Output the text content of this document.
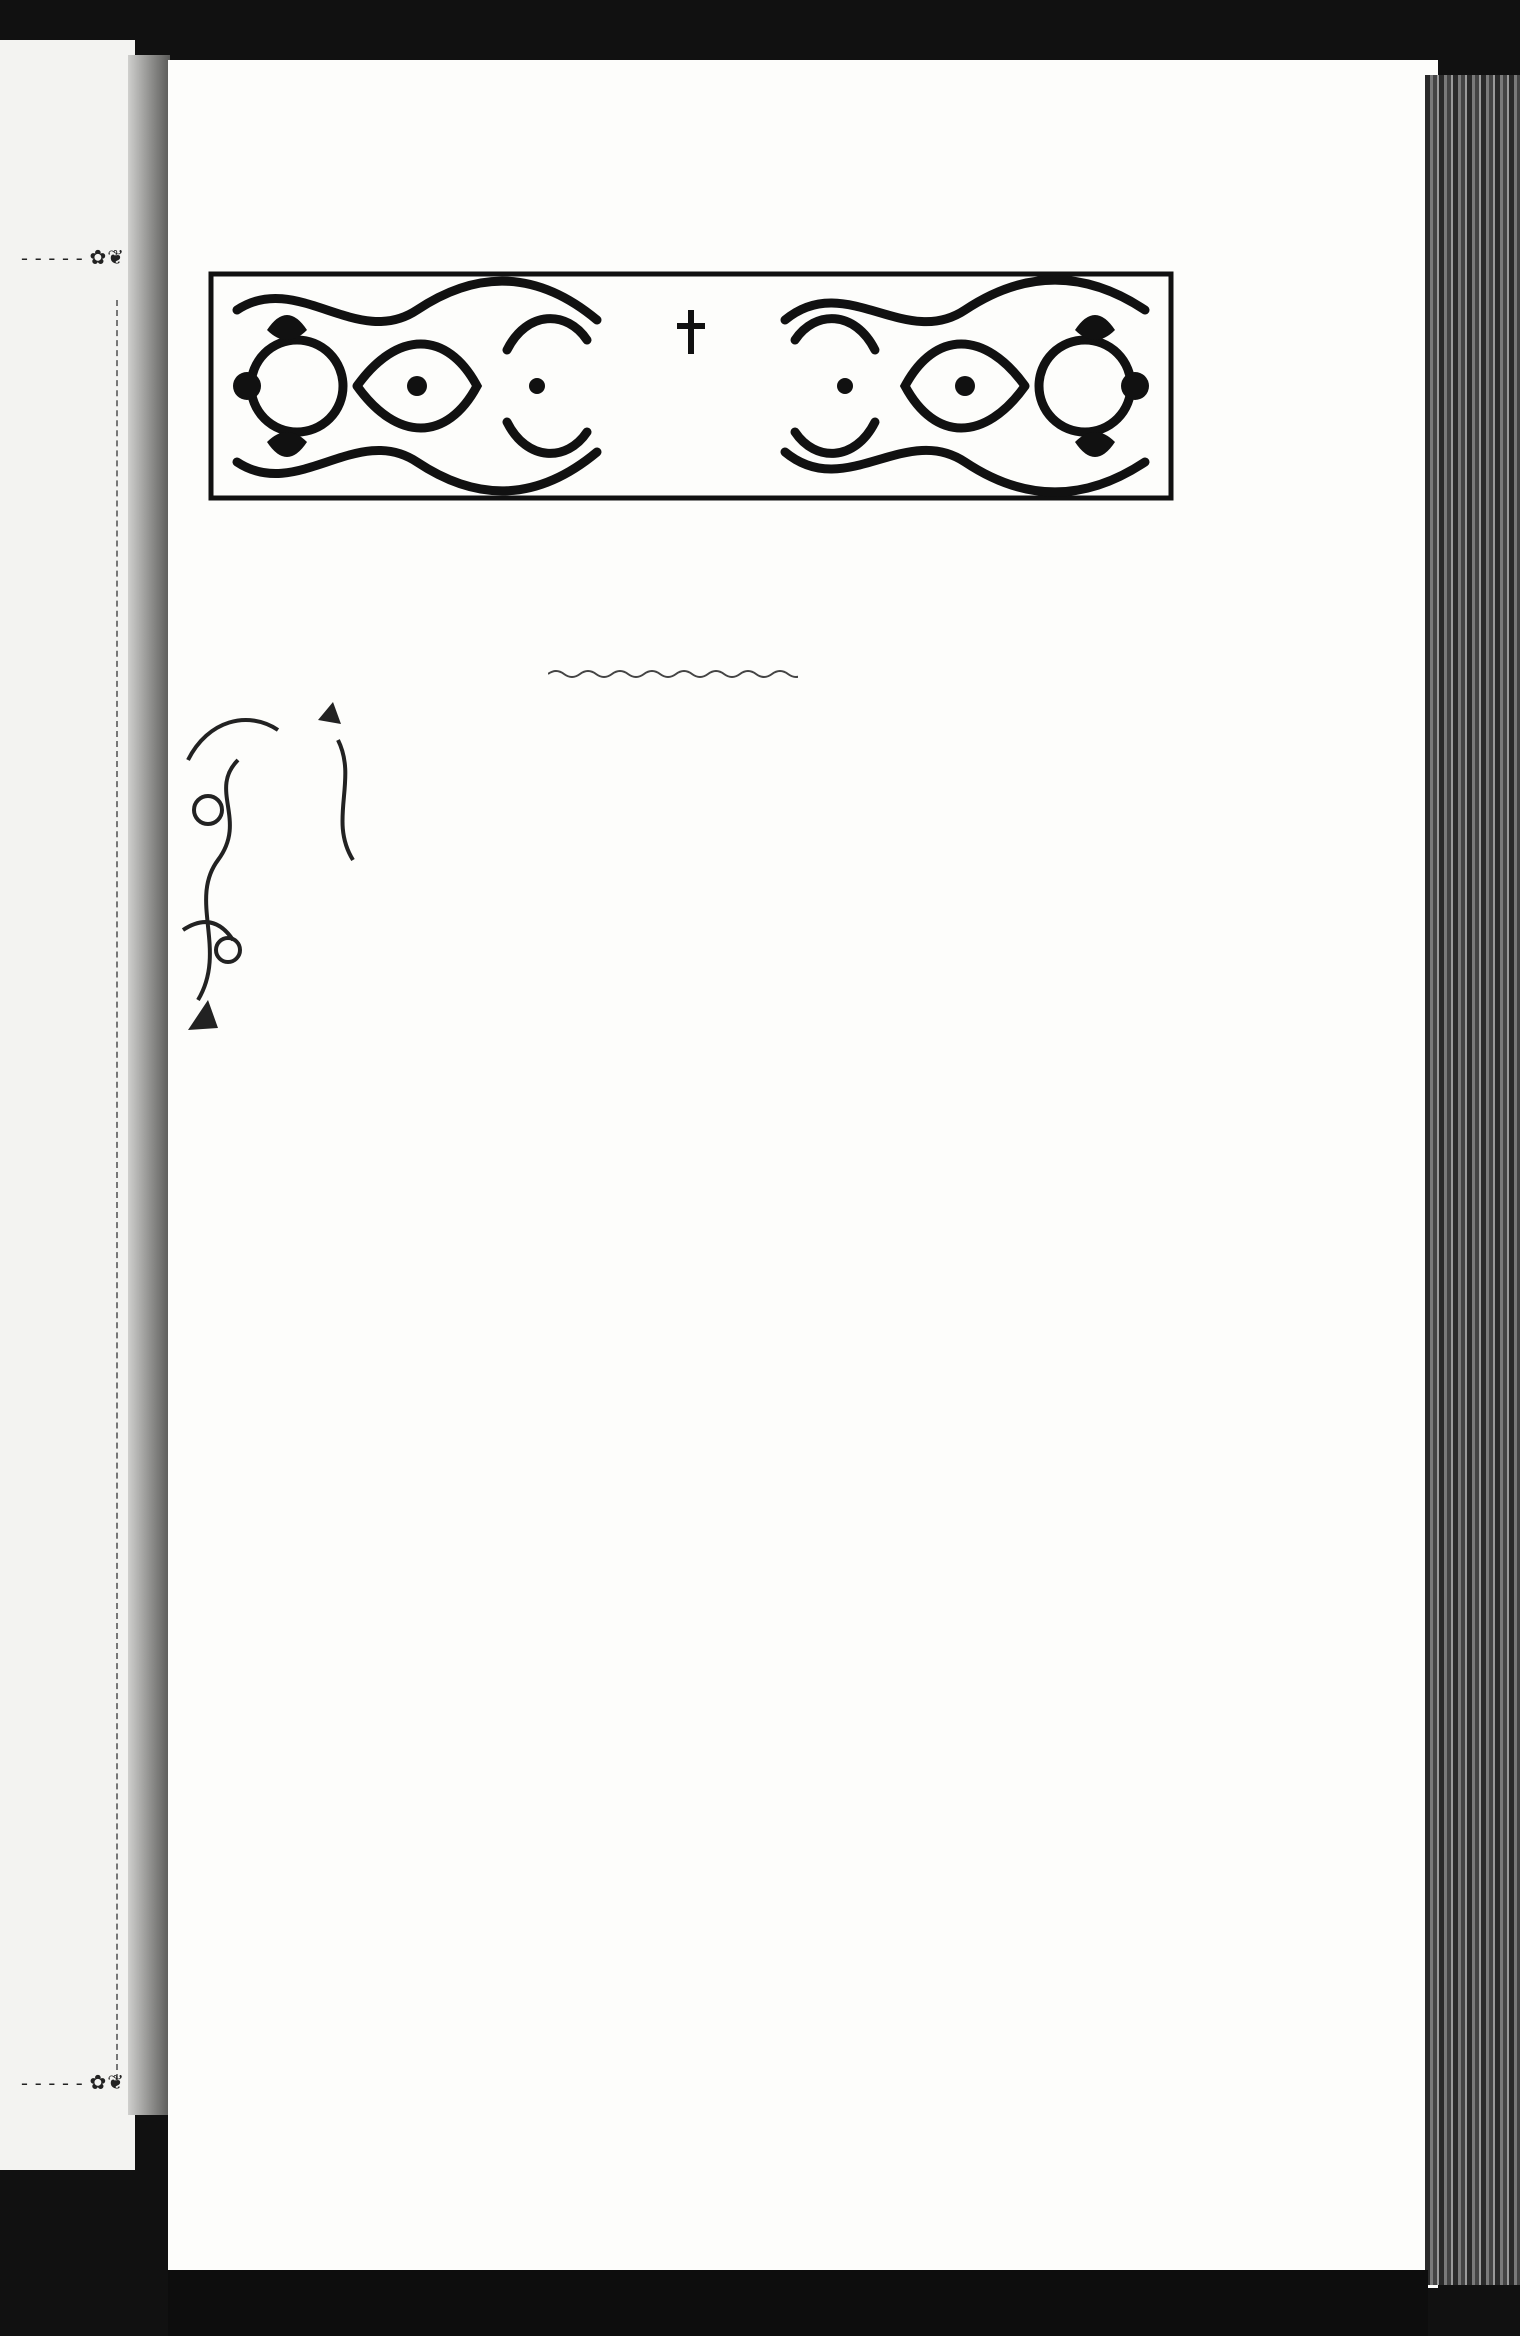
- - - - - ✿❦
- - - - - ✿❦
